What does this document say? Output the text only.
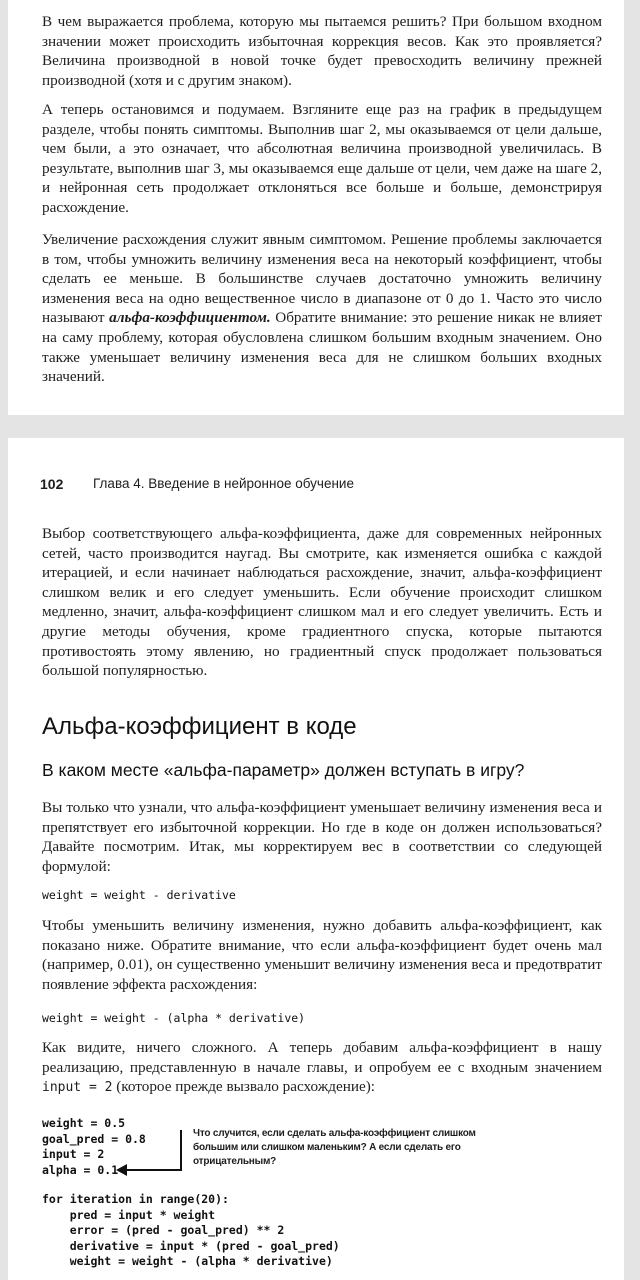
В чем выражается проблема, которую мы пытаемся решить? При большом входном значении может происходить избыточная коррекция весов. Как это проявляется? Величина производной в новой точке будет превосходить величину прежней производной (хотя и с другим знаком).

А теперь остановимся и подумаем. Взгляните еще раз на график в предыдущем разделе, чтобы понять симптомы. Выполнив шаг 2, мы оказываемся от цели дальше, чем были, а это означает, что абсолютная величина производной увеличилась. В результате, выполнив шаг 3, мы оказываемся еще дальше от цели, чем даже на шаге 2, и нейронная сеть продолжает отклоняться все больше и больше, демонстрируя расхождение.

Увеличение расхождения служит явным симптомом. Решение проблемы заключается в том, чтобы умножить величину изменения веса на некоторый коэффициент, чтобы сделать ее меньше. В большинстве случаев достаточно умножить величину изменения веса на одно вещественное число в диапазоне от 0 до 1. Часто это число называют альфа-коэффициентом. Обратите внимание: это решение никак не влияет на саму проблему, которая обусловлена слишком большим входным значением. Оно также уменьшает величину изменения веса для не слишком больших входных значений.

102 Глава 4. Введение в нейронное обучение

Выбор соответствующего альфа-коэффициента, даже для современных нейронных сетей, часто производится наугад. Вы смотрите, как изменяется ошибка с каждой итерацией, и если начинает наблюдаться расхождение, значит, альфа-коэффициент слишком велик и его следует уменьшить. Если обучение происходит слишком медленно, значит, альфа-коэффициент слишком мал и его следует увеличить. Есть и другие методы обучения, кроме градиентного спуска, которые пытаются противостоять этому явлению, но градиентный спуск продолжает пользоваться большой популярностью.

Альфа-коэффициент в коде
В каком месте «альфа-параметр» должен вступать в игру?

Вы только что узнали, что альфа-коэффициент уменьшает величину изменения веса и препятствует его избыточной коррекции. Но где в коде он должен использоваться? Давайте посмотрим. Итак, мы корректируем вес в соответствии со следующей формулой:

weight = weight - derivative

Чтобы уменьшить величину изменения, нужно добавить альфа-коэффициент, как показано ниже. Обратите внимание, что если альфа-коэффициент будет очень мал (например, 0.01), он существенно уменьшит величину изменения веса и предотвратит появление эффекта расхождения:

weight = weight - (alpha * derivative)

Как видите, ничего сложного. А теперь добавим альфа-коэффициент в нашу реализацию, представленную в начале главы, и опробуем ее с входным значением input = 2 (которое прежде вызвало расхождение):

weight = 0.5
goal_pred = 0.8
input = 2
alpha = 0.1
Что случится, если сделать альфа-коэффициент слишком большим или слишком маленьким? А если сделать его отрицательным?
for iteration in range(20):
pred = input * weight
error = (pred - goal_pred) ** 2
derivative = input * (pred - goal_pred)
weight = weight - (alpha * derivative)
